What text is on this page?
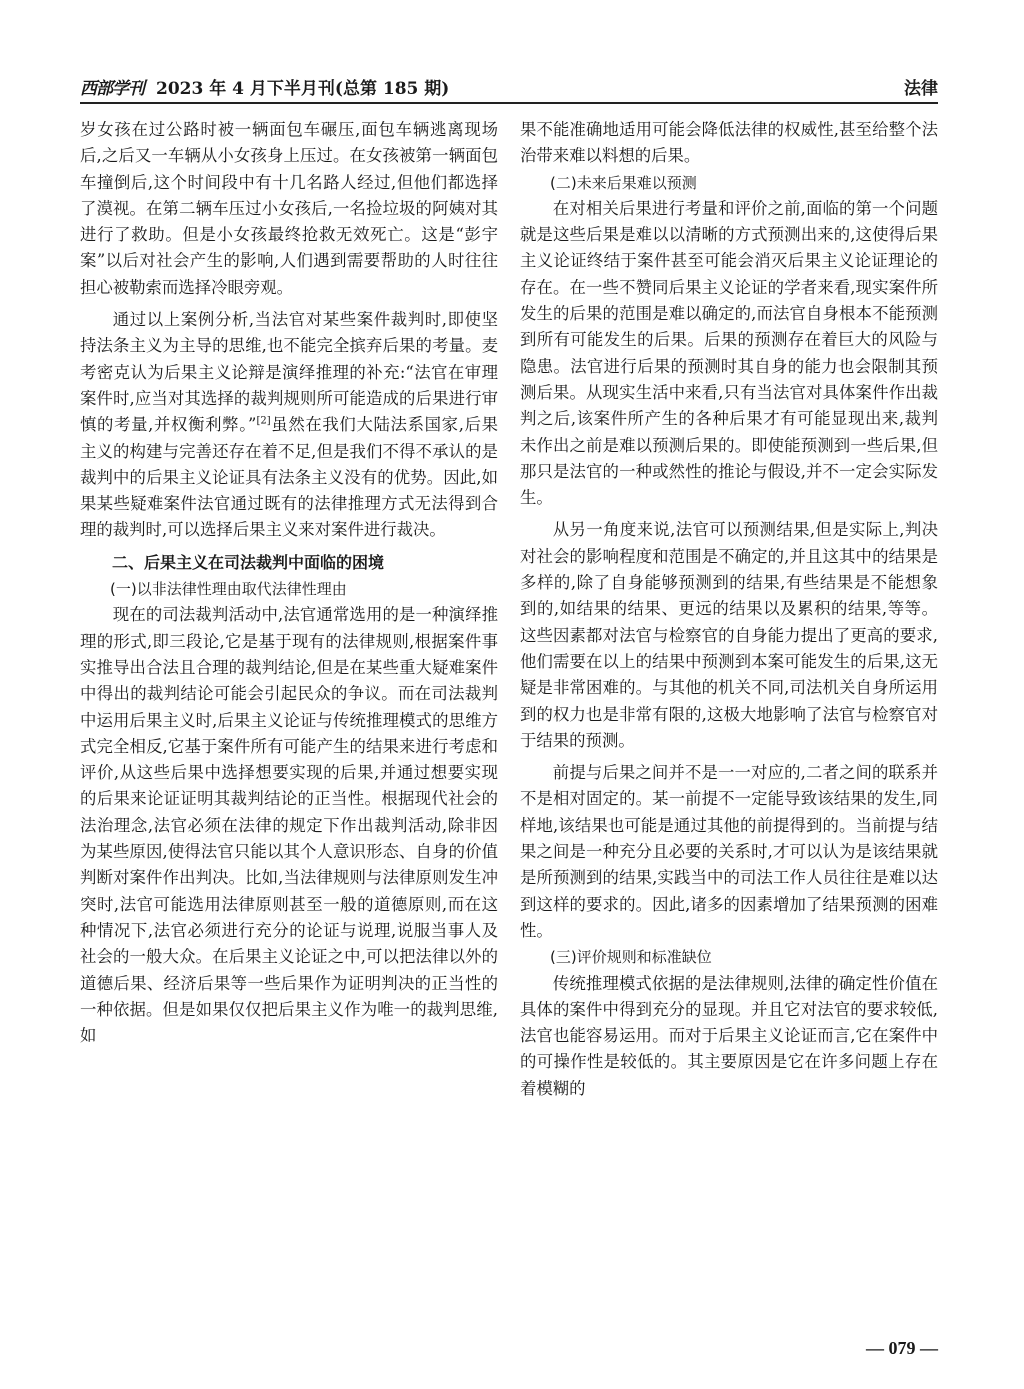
西部学刊 2023 年 4 月下半月刊(总第 185 期)	法律

岁女孩在过公路时被一辆面包车碾压,面包车辆逃离现场后,之后又一车辆从小女孩身上压过。在女孩被第一辆面包车撞倒后,这个时间段中有十几名路人经过,但他们都选择了漠视。在第二辆车压过小女孩后,一名捡垃圾的阿姨对其进行了救助。但是小女孩最终抢救无效死亡。这是“彭宇案”以后对社会产生的影响,人们遇到需要帮助的人时往往担心被勒索而选择冷眼旁观。

通过以上案例分析,当法官对某些案件裁判时,即使坚持法条主义为主导的思维,也不能完全摈弃后果的考量。麦考密克认为后果主义论辩是演绎推理的补充:“法官在审理案件时,应当对其选择的裁判规则所可能造成的后果进行审慎的考量,并权衡利弊。”[2]虽然在我们大陆法系国家,后果主义的构建与完善还存在着不足,但是我们不得不承认的是裁判中的后果主义论证具有法条主义没有的优势。因此,如果某些疑难案件法官通过既有的法律推理方式无法得到合理的裁判时,可以选择后果主义来对案件进行裁决。

二、后果主义在司法裁判中面临的困境

(一)以非法律性理由取代法律性理由

现在的司法裁判活动中,法官通常选用的是一种演绎推理的形式,即三段论,它是基于现有的法律规则,根据案件事实推导出合法且合理的裁判结论,但是在某些重大疑难案件中得出的裁判结论可能会引起民众的争议。而在司法裁判中运用后果主义时,后果主义论证与传统推理模式的思维方式完全相反,它基于案件所有可能产生的结果来进行考虑和评价,从这些后果中选择想要实现的后果,并通过想要实现的后果来论证证明其裁判结论的正当性。根据现代社会的法治理念,法官必须在法律的规定下作出裁判活动,除非因为某些原因,使得法官只能以其个人意识形态、自身的价值判断对案件作出判决。比如,当法律规则与法律原则发生冲突时,法官可能选用法律原则甚至一般的道德原则,而在这种情况下,法官必须进行充分的论证与说理,说服当事人及社会的一般大众。在后果主义论证之中,可以把法律以外的道德后果、经济后果等一些后果作为证明判决的正当性的一种依据。但是如果仅仅把后果主义作为唯一的裁判思维,如

果不能准确地适用可能会降低法律的权威性,甚至给整个法治带来难以料想的后果。

(二)未来后果难以预测

在对相关后果进行考量和评价之前,面临的第一个问题就是这些后果是难以以清晰的方式预测出来的,这使得后果主义论证终结于案件甚至可能会消灭后果主义论证理论的存在。在一些不赞同后果主义论证的学者来看,现实案件所发生的后果的范围是难以确定的,而法官自身根本不能预测到所有可能发生的后果。后果的预测存在着巨大的风险与隐患。法官进行后果的预测时其自身的能力也会限制其预测后果。从现实生活中来看,只有当法官对具体案件作出裁判之后,该案件所产生的各种后果才有可能显现出来,裁判未作出之前是难以预测后果的。即使能预测到一些后果,但那只是法官的一种或然性的推论与假设,并不一定会实际发生。

从另一角度来说,法官可以预测结果,但是实际上,判决对社会的影响程度和范围是不确定的,并且这其中的结果是多样的,除了自身能够预测到的结果,有些结果是不能想象到的,如结果的结果、更远的结果以及累积的结果,等等。这些因素都对法官与检察官的自身能力提出了更高的要求,他们需要在以上的结果中预测到本案可能发生的后果,这无疑是非常困难的。与其他的机关不同,司法机关自身所运用到的权力也是非常有限的,这极大地影响了法官与检察官对于结果的预测。

前提与后果之间并不是一一对应的,二者之间的联系并不是相对固定的。某一前提不一定能导致该结果的发生,同样地,该结果也可能是通过其他的前提得到的。当前提与结果之间是一种充分且必要的关系时,才可以认为是该结果就是所预测到的结果,实践当中的司法工作人员往往是难以达到这样的要求的。因此,诸多的因素增加了结果预测的困难性。

(三)评价规则和标准缺位

传统推理模式依据的是法律规则,法律的确定性价值在具体的案件中得到充分的显现。并且它对法官的要求较低,法官也能容易运用。而对于后果主义论证而言,它在案件中的可操作性是较低的。其主要原因是它在许多问题上存在着模糊的

— 079 —
